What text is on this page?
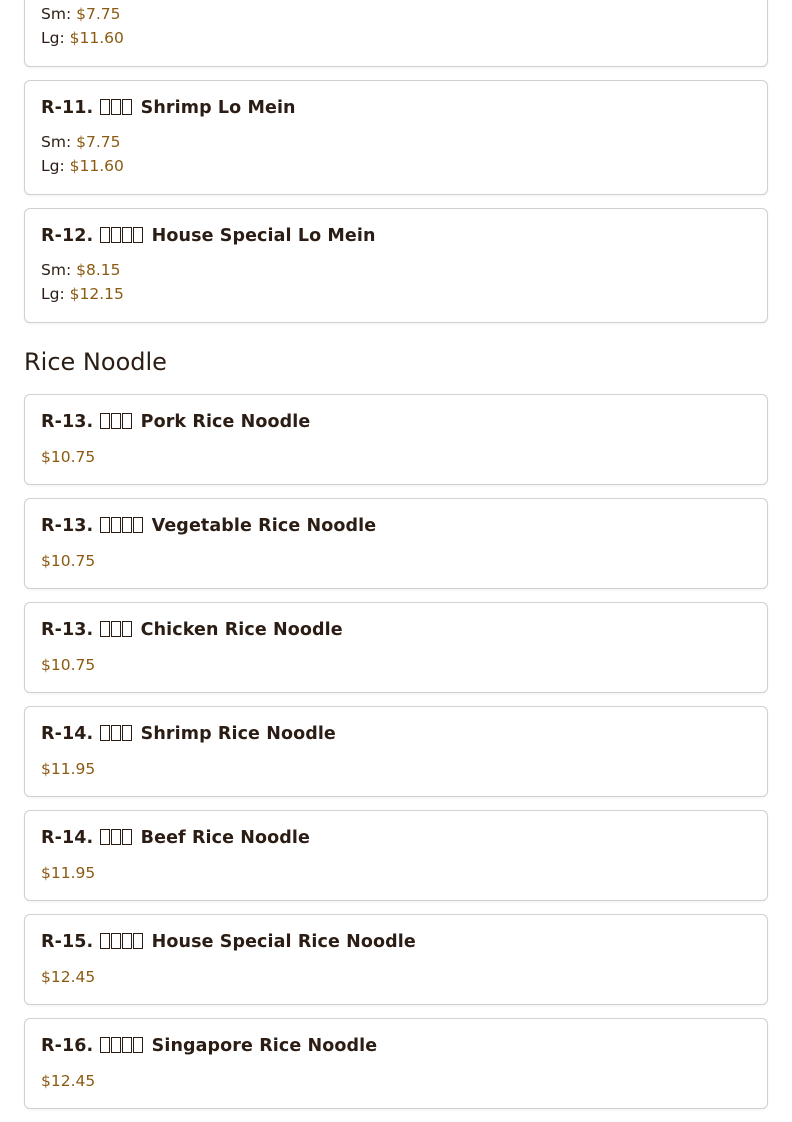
Sm: $7.75
Lg: $11.60
R-11.	Shrimp Lo Mein
Sm: $7.75
Lg: $11.60
R-12.	House Special Lo Mein
Sm: $8.15
Lg: $12.15
Rice Noodle
R-13.	Pork Rice Noodle
$10.75
R-13.	Vegetable Rice Noodle
$10.75
R-13.	Chicken Rice Noodle
$10.75
R-14.	Shrimp Rice Noodle
$11.95
R-14.	Beef Rice Noodle
$11.95
R-15.	House Special Rice Noodle
$12.45
R-16.	Singapore Rice Noodle
$12.45
